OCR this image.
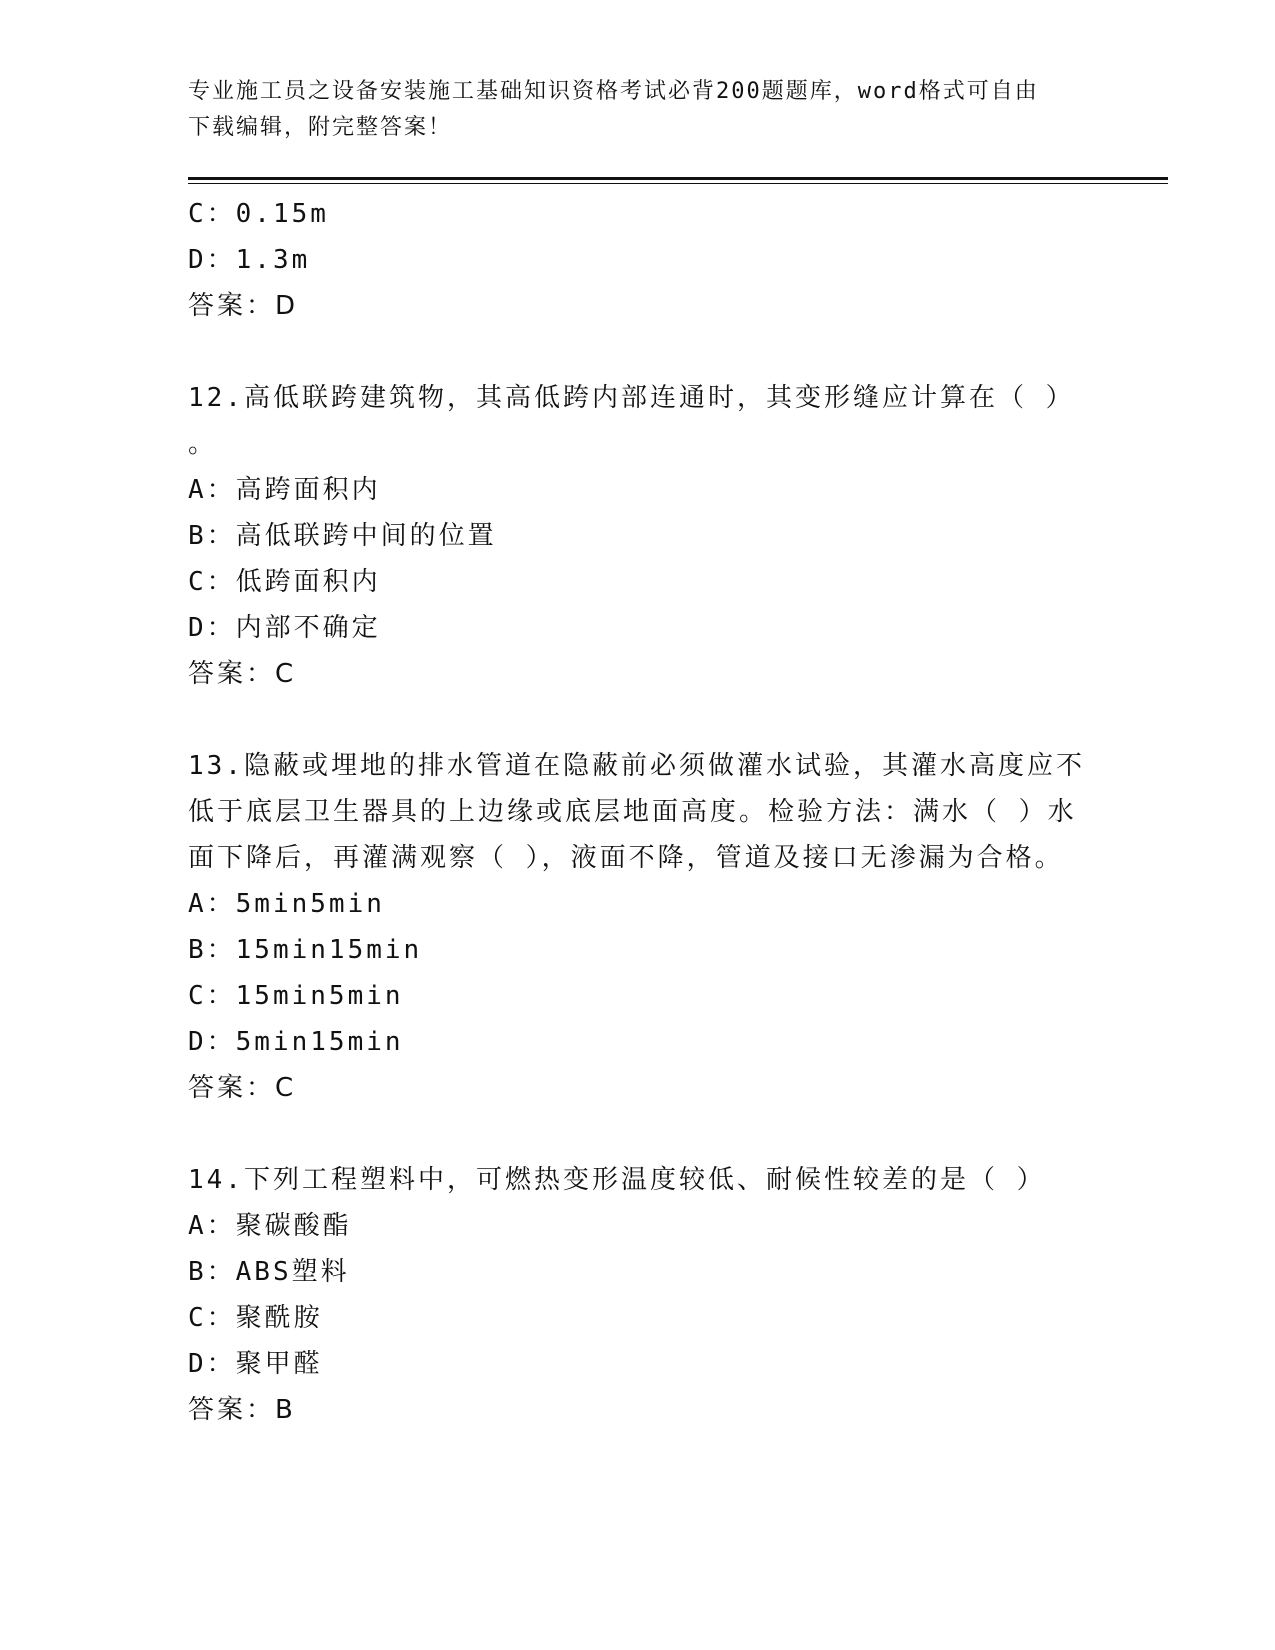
专业施工员之设备安装施工基础知识资格考试必背200题题库，word格式可自由
下载编辑，附完整答案！
C：0.15m
D：1.3m
答案：D
12.高低联跨建筑物，其高低跨内部连通时，其变形缝应计算在（ ）
。
A：高跨面积内
B：高低联跨中间的位置
C：低跨面积内
D：内部不确定
答案：C
13.隐蔽或埋地的排水管道在隐蔽前必须做灌水试验，其灌水高度应不
低于底层卫生器具的上边缘或底层地面高度。检验方法：满水（ ）水
面下降后，再灌满观察（ ），液面不降，管道及接口无渗漏为合格。
A：5min5min
B：15min15min
C：15min5min
D：5min15min
答案：C
14.下列工程塑料中，可燃热变形温度较低、耐候性较差的是（ ）
A：聚碳酸酯
B：ABS塑料
C：聚酰胺
D：聚甲醛
答案：B
